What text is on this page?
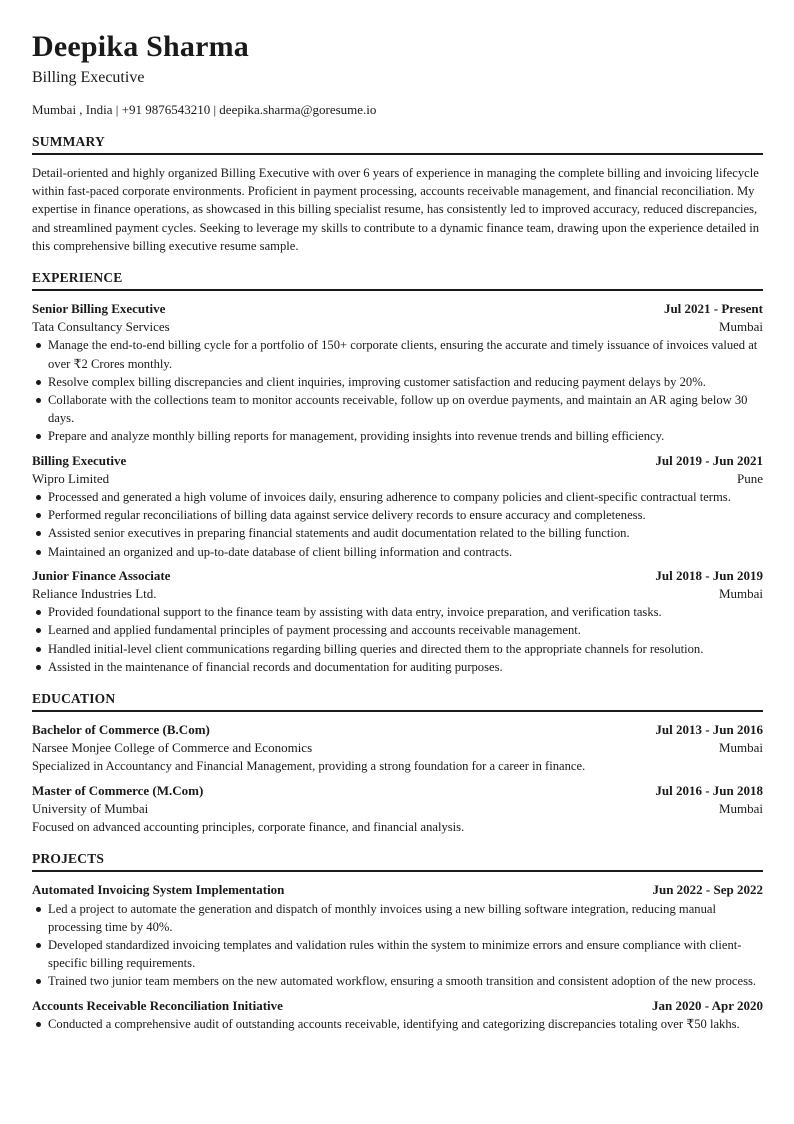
Deepika Sharma
Billing Executive
Mumbai , India | +91 9876543210 | deepika.sharma@goresume.io
SUMMARY

Detail-oriented and highly organized Billing Executive with over 6 years of experience in managing the complete billing and invoicing lifecycle within fast-paced corporate environments. Proficient in payment processing, accounts receivable management, and financial reconciliation. My expertise in finance operations, as showcased in this billing specialist resume, has consistently led to improved accuracy, reduced discrepancies, and streamlined payment cycles. Seeking to leverage my skills to contribute to a dynamic finance team, drawing upon the experience detailed in this comprehensive billing executive resume sample.

EXPERIENCE
Senior Billing Executive	Jul 2021 - Present
Tata Consultancy Services	Mumbai
Manage the end-to-end billing cycle for a portfolio of 150+ corporate clients, ensuring the accurate and timely issuance of invoices valued at over ₹2 Crores monthly.
Resolve complex billing discrepancies and client inquiries, improving customer satisfaction and reducing payment delays by 20%.
Collaborate with the collections team to monitor accounts receivable, follow up on overdue payments, and maintain an AR aging below 30 days.
Prepare and analyze monthly billing reports for management, providing insights into revenue trends and billing efficiency.
Billing Executive	Jul 2019 - Jun 2021
Wipro Limited	Pune
Processed and generated a high volume of invoices daily, ensuring adherence to company policies and client-specific contractual terms.
Performed regular reconciliations of billing data against service delivery records to ensure accuracy and completeness.
Assisted senior executives in preparing financial statements and audit documentation related to the billing function.
Maintained an organized and up-to-date database of client billing information and contracts.
Junior Finance Associate	Jul 2018 - Jun 2019
Reliance Industries Ltd.	Mumbai
Provided foundational support to the finance team by assisting with data entry, invoice preparation, and verification tasks.
Learned and applied fundamental principles of payment processing and accounts receivable management.
Handled initial-level client communications regarding billing queries and directed them to the appropriate channels for resolution.
Assisted in the maintenance of financial records and documentation for auditing purposes.
EDUCATION
Bachelor of Commerce (B.Com)	Jul 2013 - Jun 2016
Narsee Monjee College of Commerce and Economics	Mumbai
Specialized in Accountancy and Financial Management, providing a strong foundation for a career in finance.
Master of Commerce (M.Com)	Jul 2016 - Jun 2018
University of Mumbai	Mumbai
Focused on advanced accounting principles, corporate finance, and financial analysis.
PROJECTS
Automated Invoicing System Implementation	Jun 2022 - Sep 2022
Led a project to automate the generation and dispatch of monthly invoices using a new billing software integration, reducing manual processing time by 40%.
Developed standardized invoicing templates and validation rules within the system to minimize errors and ensure compliance with client-specific billing requirements.
Trained two junior team members on the new automated workflow, ensuring a smooth transition and consistent adoption of the new process.
Accounts Receivable Reconciliation Initiative	Jan 2020 - Apr 2020
Conducted a comprehensive audit of outstanding accounts receivable, identifying and categorizing discrepancies totaling over ₹50 lakhs.
